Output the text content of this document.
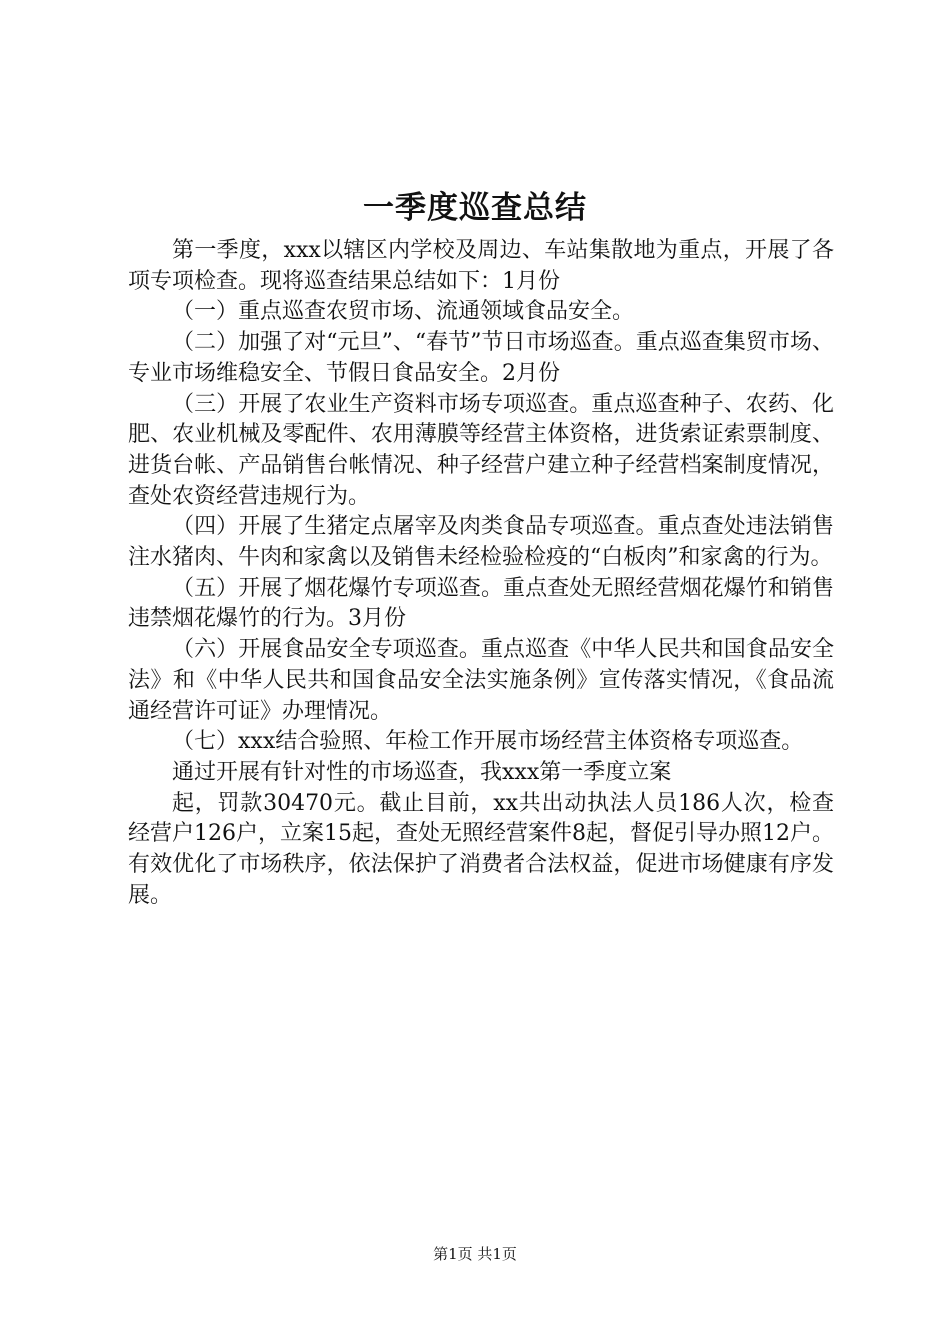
一季度巡查总结

第一季度，xxx以辖区内学校及周边、车站集散地为重点，开展了各项专项检查。现将巡查结果总结如下：1月份

（一）重点巡查农贸市场、流通领域食品安全。

（二）加强了对“元旦”、“春节”节日市场巡查。重点巡查集贸市场、专业市场维稳安全、节假日食品安全。2月份

（三）开展了农业生产资料市场专项巡查。重点巡查种子、农药、化肥、农业机械及零配件、农用薄膜等经营主体资格，进货索证索票制度、进货台帐、产品销售台帐情况、种子经营户建立种子经营档案制度情况，查处农资经营违规行为。

（四）开展了生猪定点屠宰及肉类食品专项巡查。重点查处违法销售注水猪肉、牛肉和家禽以及销售未经检验检疫的“白板肉”和家禽的行为。

（五）开展了烟花爆竹专项巡查。重点查处无照经营烟花爆竹和销售违禁烟花爆竹的行为。3月份

（六）开展食品安全专项巡查。重点巡查《中华人民共和国食品安全法》和《中华人民共和国食品安全法实施条例》宣传落实情况，《食品流通经营许可证》办理情况。

（七）xxx结合验照、年检工作开展市场经营主体资格专项巡查。

通过开展有针对性的市场巡查，我xxx第一季度立案

起，罚款30470元。截止目前，xx共出动执法人员186人次，检查经营户126户，立案15起，查处无照经营案件8起，督促引导办照12户。有效优化了市场秩序，依法保护了消费者合法权益，促进市场健康有序发展。

第1页 共1页
